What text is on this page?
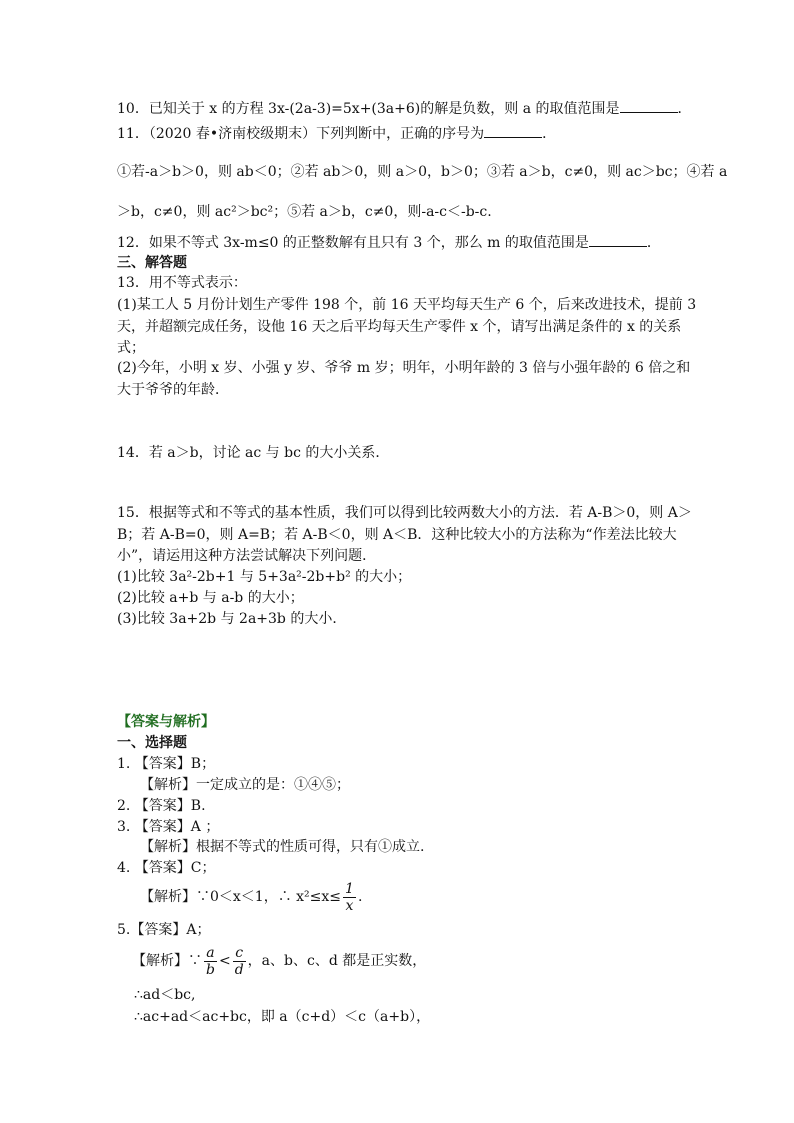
10．已知关于 x 的方程 3x-(2a-3)=5x+(3a+6)的解是负数，则 a 的取值范围是	．
11．（2020 春•济南校级期末）下列判断中，正确的序号为	．
①若-a＞b＞0，则 ab＜0；②若 ab＞0，则 a＞0，b＞0；③若 a＞b，c≠0，则 ac＞bc；④若 a
＞b，c≠0，则 ac²＞bc²；⑤若 a＞b，c≠0，则-a-c＜-b-c.
12．如果不等式 3x-m≤0 的正整数解有且只有 3 个，那么 m 的取值范围是	．
三、解答题
13．用不等式表示：
(1)某工人 5 月份计划生产零件 198 个，前 16 天平均每天生产 6 个，后来改进技术，提前 3
天，并超额完成任务，设他 16 天之后平均每天生产零件 x 个，请写出满足条件的 x 的关系
式；
(2)今年，小明 x 岁、小强 y 岁、爷爷 m 岁；明年，小明年龄的 3 倍与小强年龄的 6 倍之和
大于爷爷的年龄．
14．若 a＞b，讨论 ac 与 bc 的大小关系．
15．根据等式和不等式的基本性质，我们可以得到比较两数大小的方法．若 A-B＞0，则 A＞
B；若 A-B=0，则 A=B；若 A-B＜0，则 A＜B．这种比较大小的方法称为“作差法比较大
小”，请运用这种方法尝试解决下列问题．
(1)比较 3a²-2b+1 与 5+3a²-2b+b² 的大小；
(2)比较 a+b 与 a-b 的大小；
(3)比较 3a+2b 与 2a+3b 的大小．
【答案与解析】
一、选择题
1. 【答案】B；
【解析】一定成立的是：①④⑤；
2. 【答案】B.
3. 【答案】A ；
【解析】根据不等式的性质可得，只有①成立.
4. 【答案】C；
【解析】∵0＜x＜1，∴ $x^2\le x\le \frac{1}{x}$ .
5.【答案】A；
【解析】∵ $\frac{a}{b} < \frac{c}{d}$ ，a、b、c、d 都是正实数，
∴ad＜bc,
∴ac+ad＜ac+bc，即 a（c+d）＜c（a+b），
